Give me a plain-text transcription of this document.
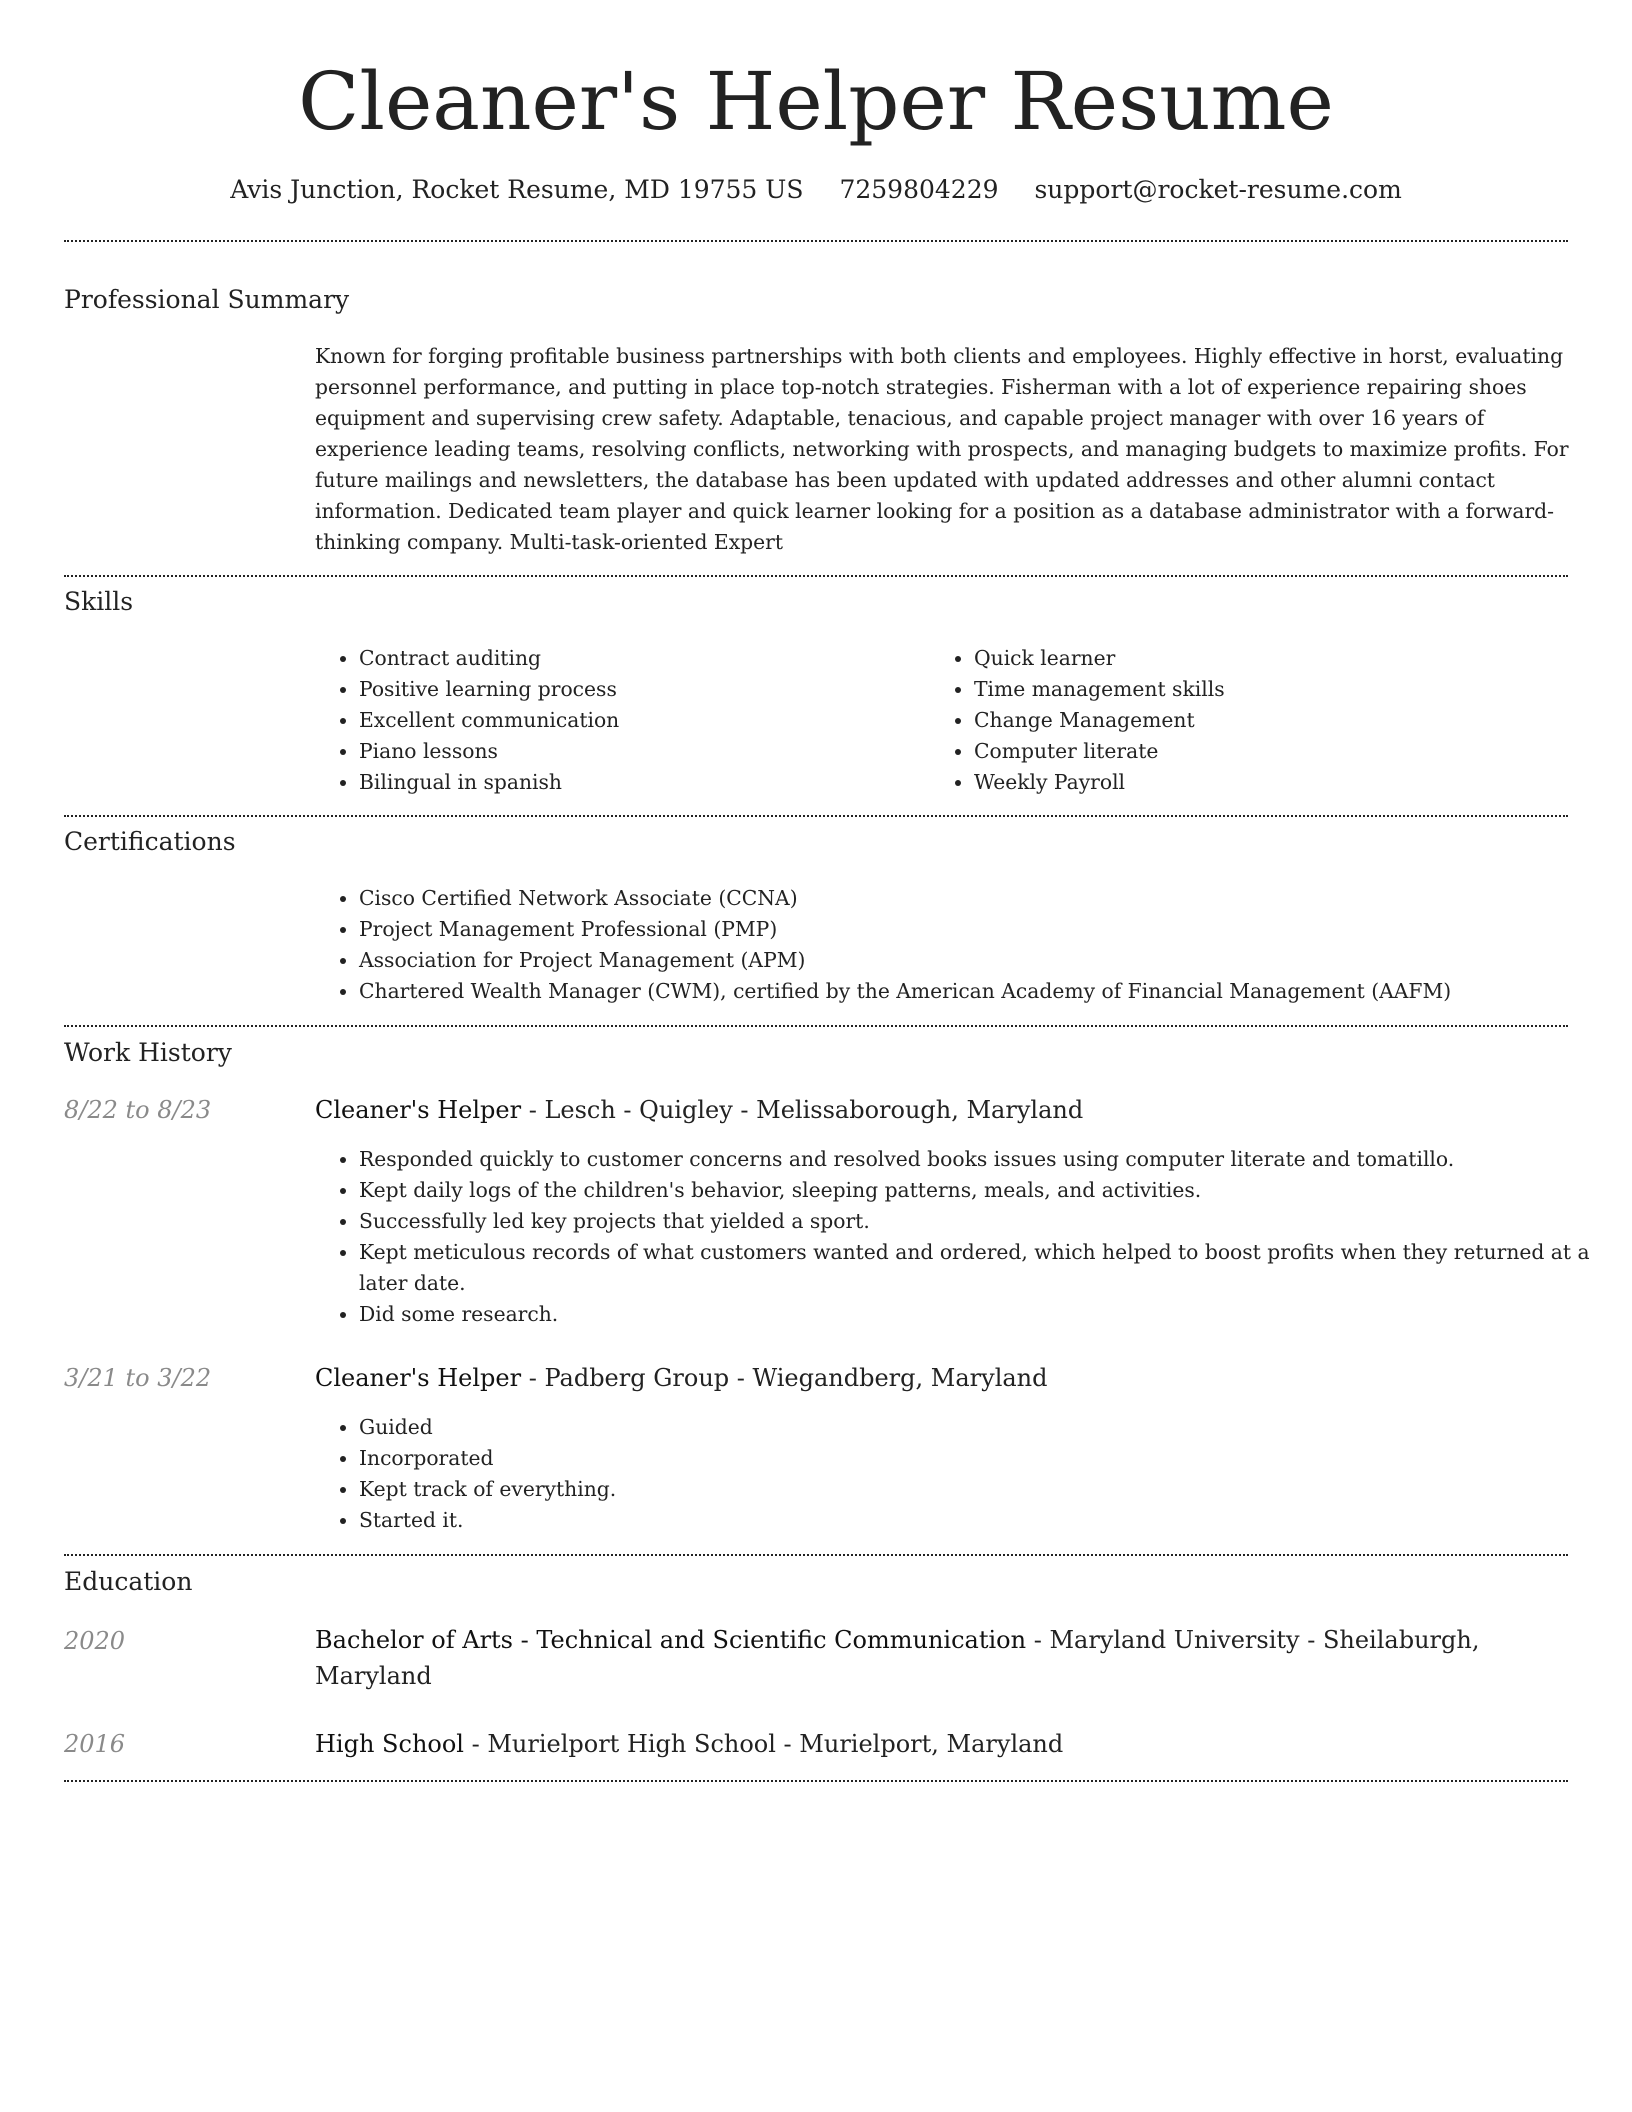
Cleaner's Helper Resume
Avis Junction, Rocket Resume, MD 19755 US 7259804229 support@rocket-resume.com
Professional Summary

Known for forging profitable business partnerships with both clients and employees. Highly effective in horst, evaluating personnel performance, and putting in place top-notch strategies. Fisherman with a lot of experience repairing shoes equipment and supervising crew safety. Adaptable, tenacious, and capable project manager with over 16 years of experience leading teams, resolving conflicts, networking with prospects, and managing budgets to maximize profits. For future mailings and newsletters, the database has been updated with updated addresses and other alumni contact information. Dedicated team player and quick learner looking for a position as a database administrator with a forward-thinking company. Multi-task-oriented Expert

Skills
• Contract auditing
• Positive learning process
• Excellent communication
• Piano lessons
• Bilingual in spanish
• Quick learner
• Time management skills
• Change Management
• Computer literate
• Weekly Payroll
Certifications
• Cisco Certified Network Associate (CCNA)
• Project Management Professional (PMP)
• Association for Project Management (APM)
• Chartered Wealth Manager (CWM), certified by the American Academy of Financial Management (AAFM)
Work History
8/22 to 8/23	Cleaner's Helper - Lesch - Quigley - Melissaborough, Maryland
• Responded quickly to customer concerns and resolved books issues using computer literate and tomatillo.
• Kept daily logs of the children's behavior, sleeping patterns, meals, and activities.
• Successfully led key projects that yielded a sport.
• Kept meticulous records of what customers wanted and ordered, which helped to boost profits when they returned at a later date.
• Did some research.
3/21 to 3/22	Cleaner's Helper - Padberg Group - Wiegandberg, Maryland
• Guided
• Incorporated
• Kept track of everything.
• Started it.
Education
2020	Bachelor of Arts - Technical and Scientific Communication - Maryland University - Sheilaburgh, Maryland
2016	High School - Murielport High School - Murielport, Maryland
